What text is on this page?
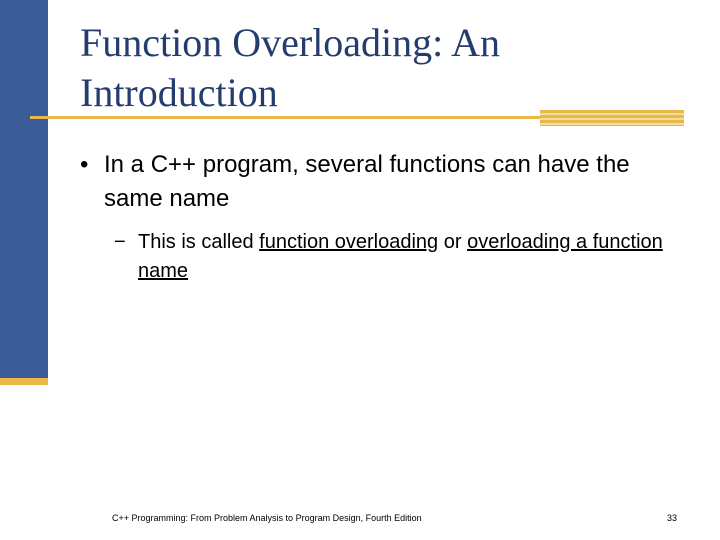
Function Overloading: An Introduction
• In a C++ program, several functions can have the same name
− This is called function overloading or overloading a function name
C++ Programming: From Problem Analysis to Program Design, Fourth Edition	33
